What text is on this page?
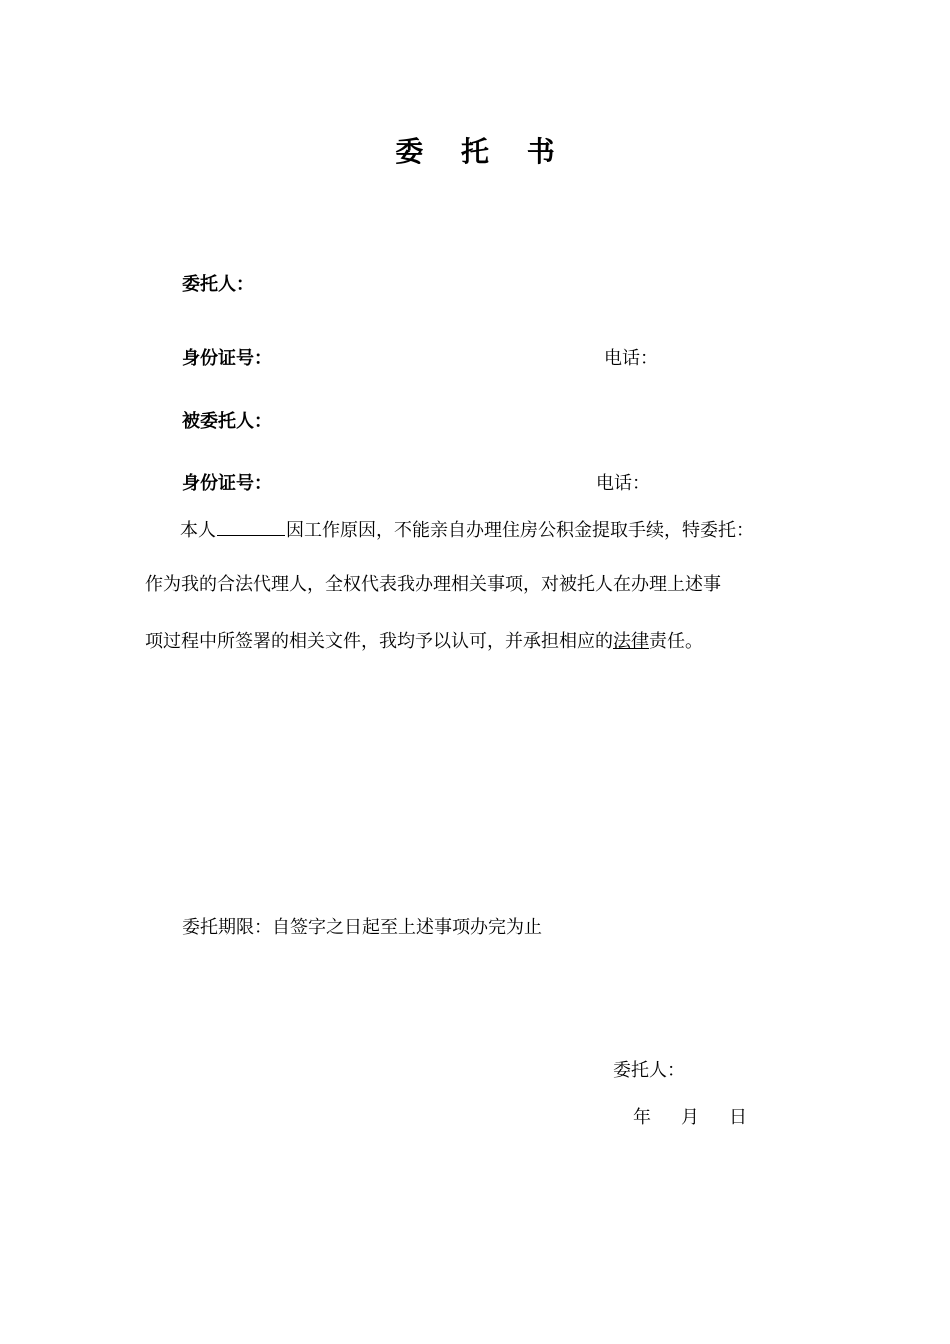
委 托 书
委托人：
身份证号：	电话：
被委托人：
身份证号：	电话：
本人	因工作原因，不能亲自办理住房公积金提取手续，特委托：
作为我的合法代理人，全权代表我办理相关事项，对被托人在办理上述事
项过程中所签署的相关文件，我均予以认可，并承担相应的法律责任。
委托期限：自签字之日起至上述事项办完为止
委托人：
年 月 日
